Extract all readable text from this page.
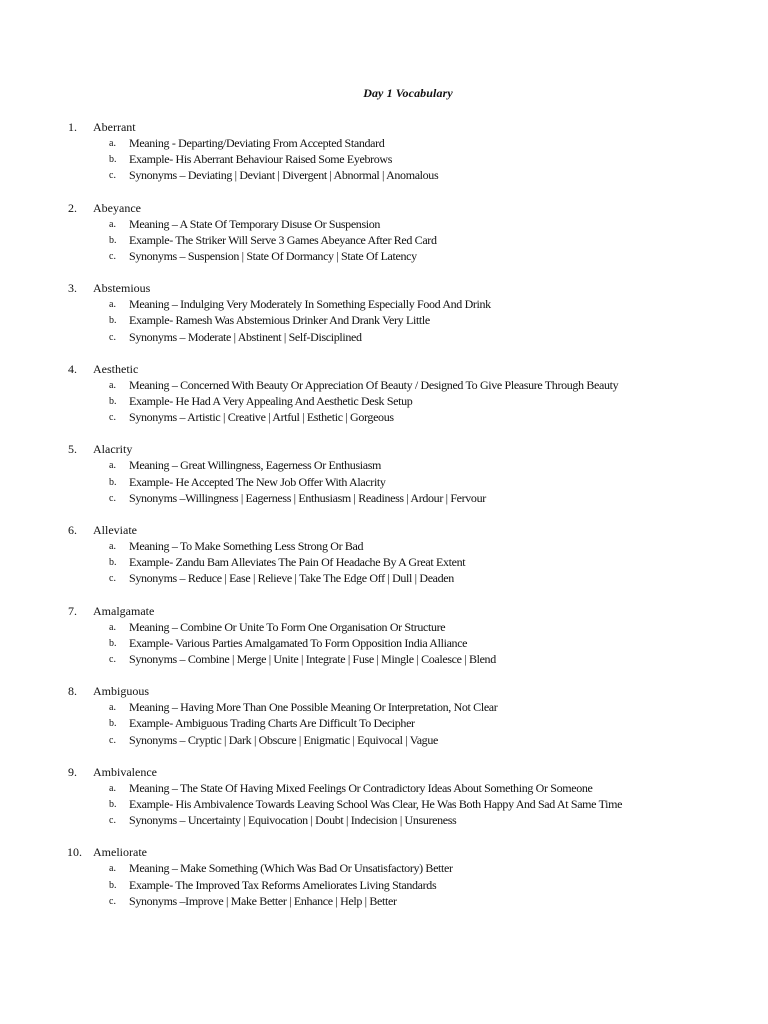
Day 1 Vocabulary
1. Aberrant
a. Meaning - Departing/Deviating From Accepted Standard
b. Example- His Aberrant Behaviour Raised Some Eyebrows
c. Synonyms – Deviating | Deviant | Divergent | Abnormal | Anomalous
2. Abeyance
a. Meaning – A State Of Temporary Disuse Or Suspension
b. Example- The Striker Will Serve 3 Games Abeyance After Red Card
c. Synonyms – Suspension | State Of Dormancy | State Of Latency
3. Abstemious
a. Meaning – Indulging Very Moderately In Something Especially Food And Drink
b. Example- Ramesh Was Abstemious Drinker And Drank Very Little
c. Synonyms – Moderate | Abstinent | Self-Disciplined
4. Aesthetic
a. Meaning – Concerned With Beauty Or Appreciation Of Beauty / Designed To Give Pleasure Through Beauty
b. Example- He Had A Very Appealing And Aesthetic Desk Setup
c. Synonyms – Artistic | Creative | Artful | Esthetic | Gorgeous
5. Alacrity
a. Meaning – Great Willingness, Eagerness Or Enthusiasm
b. Example- He Accepted The New Job Offer With Alacrity
c. Synonyms –Willingness | Eagerness | Enthusiasm | Readiness | Ardour | Fervour
6. Alleviate
a. Meaning – To Make Something Less Strong Or Bad
b. Example- Zandu Bam Alleviates The Pain Of Headache By A Great Extent
c. Synonyms – Reduce | Ease | Relieve | Take The Edge Off | Dull | Deaden
7. Amalgamate
a. Meaning – Combine Or Unite To Form One Organisation Or Structure
b. Example- Various Parties Amalgamated To Form Opposition India Alliance
c. Synonyms – Combine | Merge | Unite | Integrate | Fuse | Mingle | Coalesce | Blend
8. Ambiguous
a. Meaning – Having More Than One Possible Meaning Or Interpretation, Not Clear
b. Example- Ambiguous Trading Charts Are Difficult To Decipher
c. Synonyms – Cryptic | Dark | Obscure | Enigmatic | Equivocal | Vague
9. Ambivalence
a. Meaning – The State Of Having Mixed Feelings Or Contradictory Ideas About Something Or Someone
b. Example- His Ambivalence Towards Leaving School Was Clear, He Was Both Happy And Sad At Same Time
c. Synonyms – Uncertainty | Equivocation | Doubt | Indecision | Unsureness
10. Ameliorate
a. Meaning – Make Something (Which Was Bad Or Unsatisfactory) Better
b. Example- The Improved Tax Reforms Ameliorates Living Standards
c. Synonyms –Improve | Make Better | Enhance | Help | Better
